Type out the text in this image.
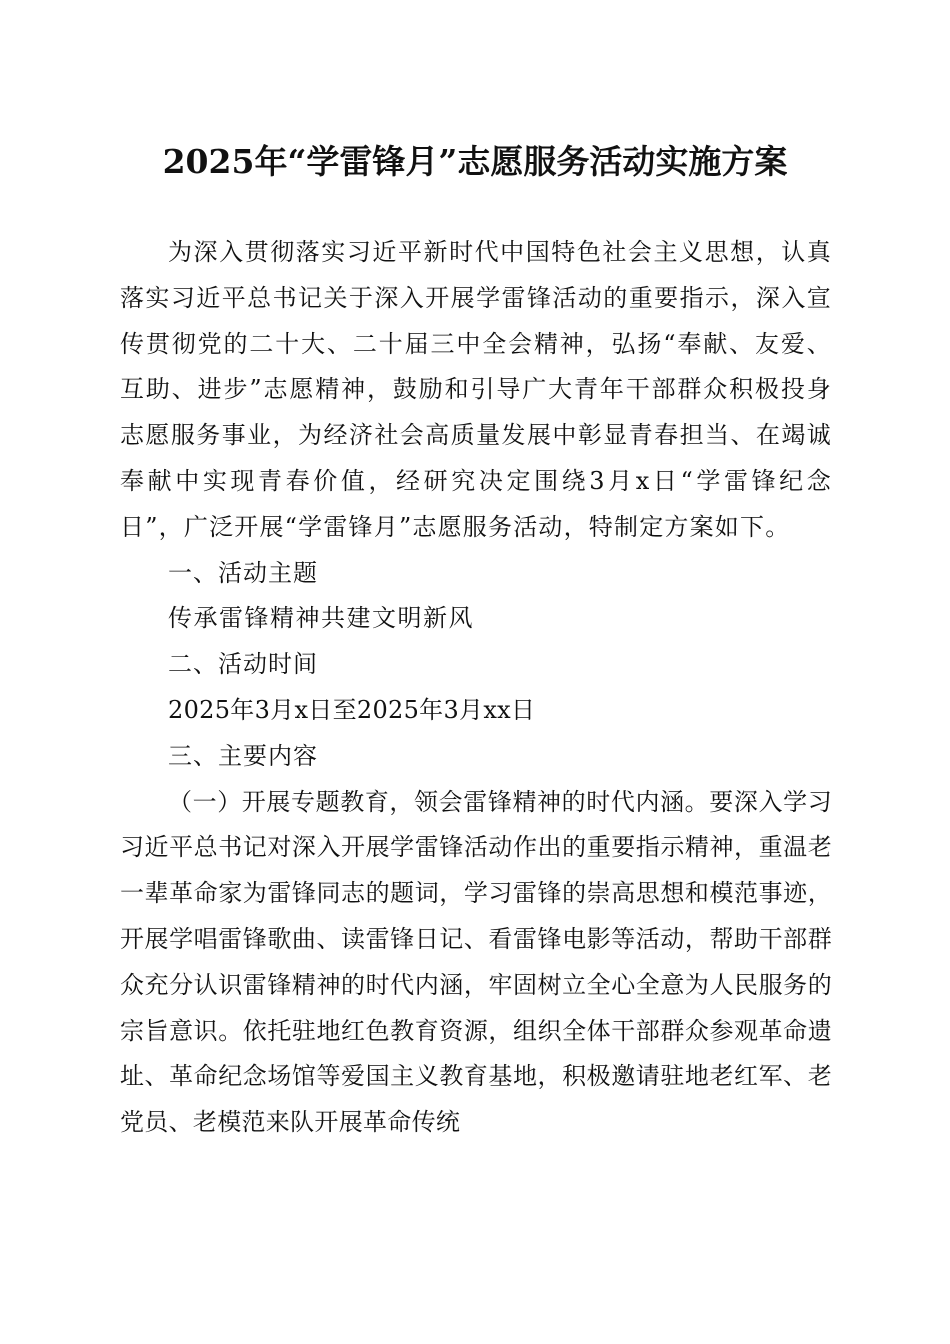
2025年“学雷锋月”志愿服务活动实施方案

为深入贯彻落实习近平新时代中国特色社会主义思想，认真落实习近平总书记关于深入开展学雷锋活动的重要指示，深入宣传贯彻党的二十大、二十届三中全会精神，弘扬“奉献、友爱、互助、进步”志愿精神，鼓励和引导广大青年干部群众积极投身志愿服务事业，为经济社会高质量发展中彰显青春担当、在竭诚奉献中实现青春价值，经研究决定围绕3月x日“学雷锋纪念日”，广泛开展“学雷锋月”志愿服务活动，特制定方案如下。

一、活动主题

传承雷锋精神共建文明新风

二、活动时间

2025年3月x日至2025年3月xx日

三、主要内容

（一）开展专题教育，领会雷锋精神的时代内涵。要深入学习习近平总书记对深入开展学雷锋活动作出的重要指示精神，重温老一辈革命家为雷锋同志的题词，学习雷锋的崇高思想和模范事迹，开展学唱雷锋歌曲、读雷锋日记、看雷锋电影等活动，帮助干部群众充分认识雷锋精神的时代内涵，牢固树立全心全意为人民服务的宗旨意识。依托驻地红色教育资源，组织全体干部群众参观革命遗址、革命纪念场馆等爱国主义教育基地，积极邀请驻地老红军、老党员、老模范来队开展革命传统
